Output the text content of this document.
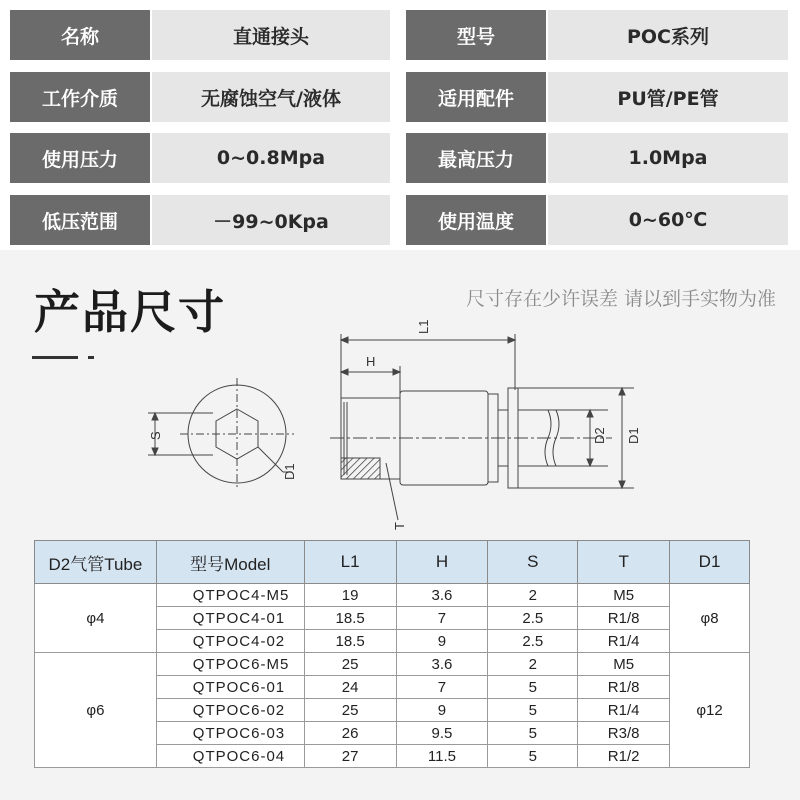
名称	直通接头	型号	POC系列
工作介质	无腐蚀空气/液体	适用配件	PU管/PE管
使用压力	0~0.8Mpa	最高压力	1.0Mpa
低压范围	－99~0Kpa	使用温度	0~60℃
产品尺寸	尺寸存在少许误差 请以到手实物为准
S
D1
L1
H
T
D2 D1
D2气管Tube	型号Model	L1	H	S	T	D1
φ4	QTPOC4-M5	19	3.6	2	M5	φ8
	QTPOC4-01	18.5	7	2.5	R1/8	
	QTPOC4-02	18.5	9	2.5	R1/4	
φ6	QTPOC6-M5	25	3.6	2	M5	φ12
	QTPOC6-01	24	7	5	R1/8	
	QTPOC6-02	25	9	5	R1/4	
	QTPOC6-03	26	9.5	5	R3/8	
	QTPOC6-04	27	11.5	5	R1/2	
